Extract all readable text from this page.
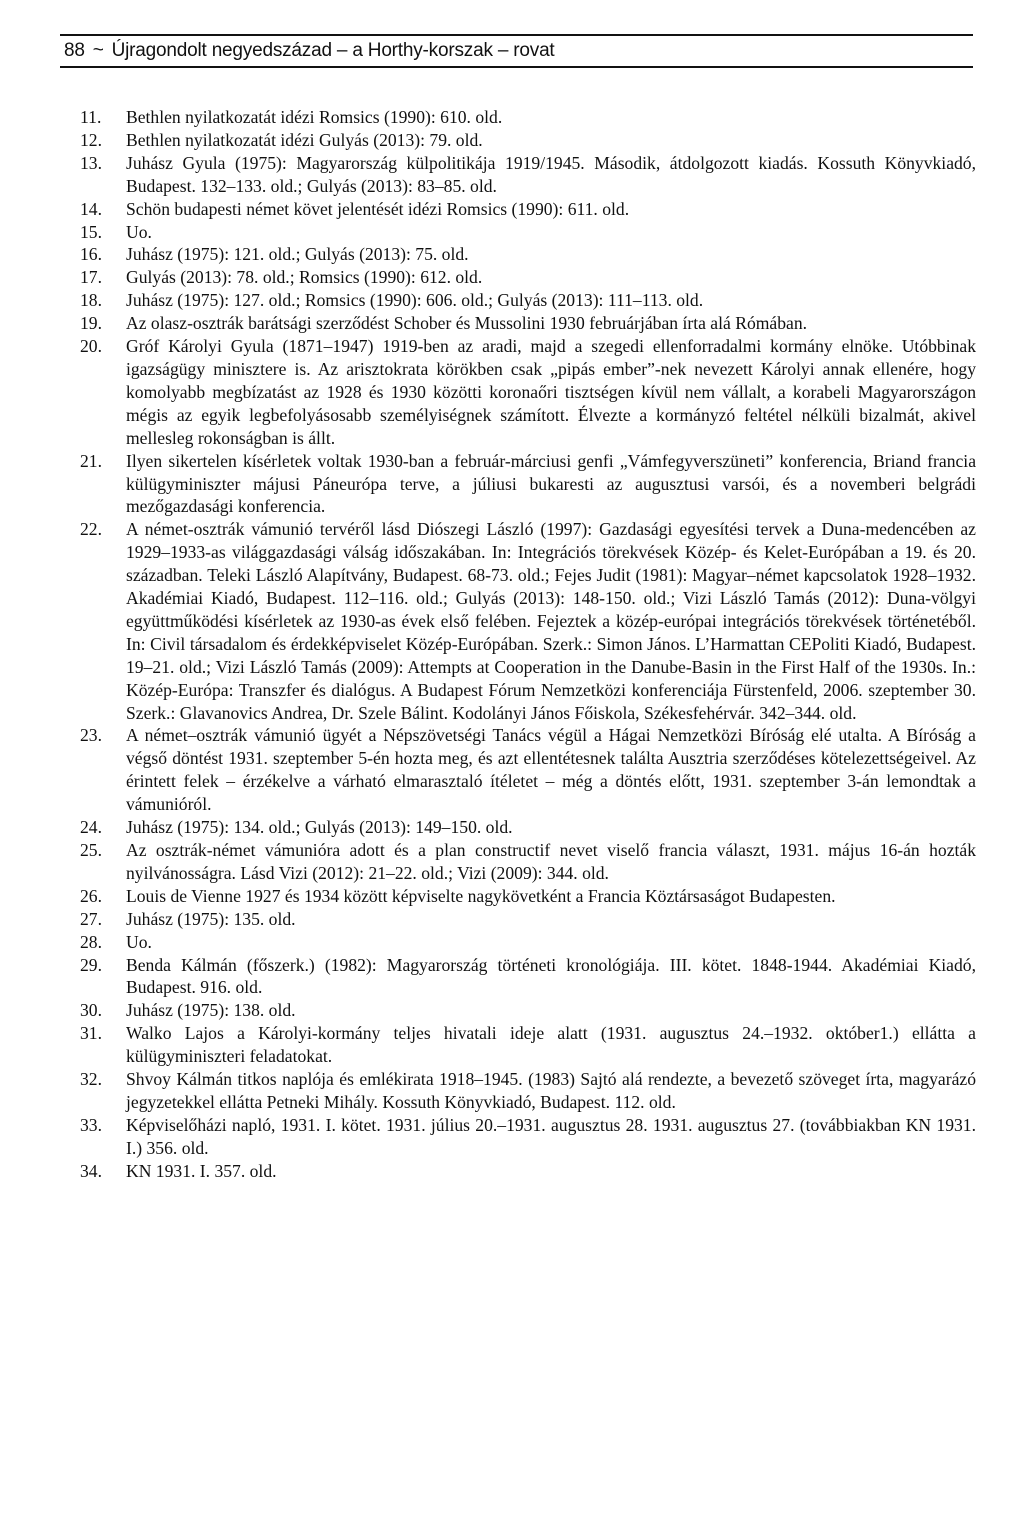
88 ~ Újragondolt negyedszázad – a Horthy-korszak – rovat
11.	Bethlen nyilatkozatát idézi Romsics (1990): 610. old.
12.	Bethlen nyilatkozatát idézi Gulyás (2013): 79. old.
13.	Juhász Gyula (1975): Magyarország külpolitikája 1919/1945. Második, átdolgozott kiadás. Kossuth Könyvkiadó, Budapest. 132–133. old.; Gulyás (2013): 83–85. old.
14.	Schön budapesti német követ jelentését idézi Romsics (1990): 611. old.
15.	Uo.
16.	Juhász (1975): 121. old.; Gulyás (2013): 75. old.
17.	Gulyás (2013): 78. old.; Romsics (1990): 612. old.
18.	Juhász (1975): 127. old.; Romsics (1990): 606. old.; Gulyás (2013): 111–113. old.
19.	Az olasz-osztrák barátsági szerződést Schober és Mussolini 1930 februárjában írta alá Rómában.
20.	Gróf Károlyi Gyula (1871–1947) 1919-ben az aradi, majd a szegedi ellenforradalmi kormány elnöke. Utóbbinak igazságügy minisztere is. Az arisztokrata körökben csak „pipás ember”-nek nevezett Károlyi annak ellenére, hogy komolyabb megbízatást az 1928 és 1930 közötti koronaőri tisztségen kívül nem vállalt, a korabeli Magyarországon mégis az egyik legbefolyásosabb személyiségnek számított. Élvezte a kormányzó feltétel nélküli bizalmát, akivel mellesleg rokonságban is állt.
21.	Ilyen sikertelen kísérletek voltak 1930-ban a február-márciusi genfi „Vámfegyverszüneti” konferencia, Briand francia külügyminiszter májusi Páneurópa terve, a júliusi bukaresti az augusztusi varsói, és a novemberi belgrádi mezőgazdasági konferencia.
22.	A német-osztrák vámunió tervéről lásd Diószegi László (1997): Gazdasági egyesítési tervek a Duna-medencében az 1929–1933-as világgazdasági válság időszakában. In: Integrációs törekvések Közép- és Kelet-Európában a 19. és 20. században. Teleki László Alapítvány, Budapest. 68-73. old.; Fejes Judit (1981): Magyar–német kapcsolatok 1928–1932. Akadémiai Kiadó, Budapest. 112–116. old.; Gulyás (2013): 148-150. old.; Vizi László Tamás (2012): Duna-völgyi együttműködési kísérletek az 1930-as évek első felében. Fejeztek a közép-európai integrációs törekvések történetéből. In: Civil társadalom és érdekképviselet Közép-Európában. Szerk.: Simon János. L’Harmattan CEPoliti Kiadó, Budapest. 19–21. old.; Vizi László Tamás (2009): Attempts at Cooperation in the Danube-Basin in the First Half of the 1930s. In.: Közép-Európa: Transzfer és dialógus. A Budapest Fórum Nemzetközi konferenciája Fürstenfeld, 2006. szeptember 30. Szerk.: Glavanovics Andrea, Dr. Szele Bálint. Kodolányi János Főiskola, Székesfehérvár. 342–344. old.
23.	A német–osztrák vámunió ügyét a Népszövetségi Tanács végül a Hágai Nemzetközi Bíróság elé utalta. A Bíróság a végső döntést 1931. szeptember 5-én hozta meg, és azt ellentétesnek találta Ausztria szerződéses kötelezettségeivel. Az érintett felek – érzékelve a várható elmarasztaló ítéletet – még a döntés előtt, 1931. szeptember 3-án lemondtak a vámunióról.
24.	Juhász (1975): 134. old.; Gulyás (2013): 149–150. old.
25.	Az osztrák-német vámunióra adott és a plan constructif nevet viselő francia választ, 1931. május 16-án hozták nyilvánosságra. Lásd Vizi (2012): 21–22. old.; Vizi (2009): 344. old.
26.	Louis de Vienne 1927 és 1934 között képviselte nagykövetként a Francia Köztársaságot Budapesten.
27.	Juhász (1975): 135. old.
28.	Uo.
29.	Benda Kálmán (főszerk.) (1982): Magyarország történeti kronológiája. III. kötet. 1848-1944. Akadémiai Kiadó, Budapest. 916. old.
30.	Juhász (1975): 138. old.
31.	Walko Lajos a Károlyi-kormány teljes hivatali ideje alatt (1931. augusztus 24.–1932. október1.) ellátta a külügyminiszteri feladatokat.
32.	Shvoy Kálmán titkos naplója és emlékirata 1918–1945. (1983) Sajtó alá rendezte, a bevezető szöveget írta, magyarázó jegyzetekkel ellátta Petneki Mihály. Kossuth Könyvkiadó, Budapest. 112. old.
33.	Képviselőházi napló, 1931. I. kötet. 1931. július 20.–1931. augusztus 28. 1931. augusztus 27. (továbbiakban KN 1931. I.) 356. old.
34.	KN 1931. I. 357. old.
